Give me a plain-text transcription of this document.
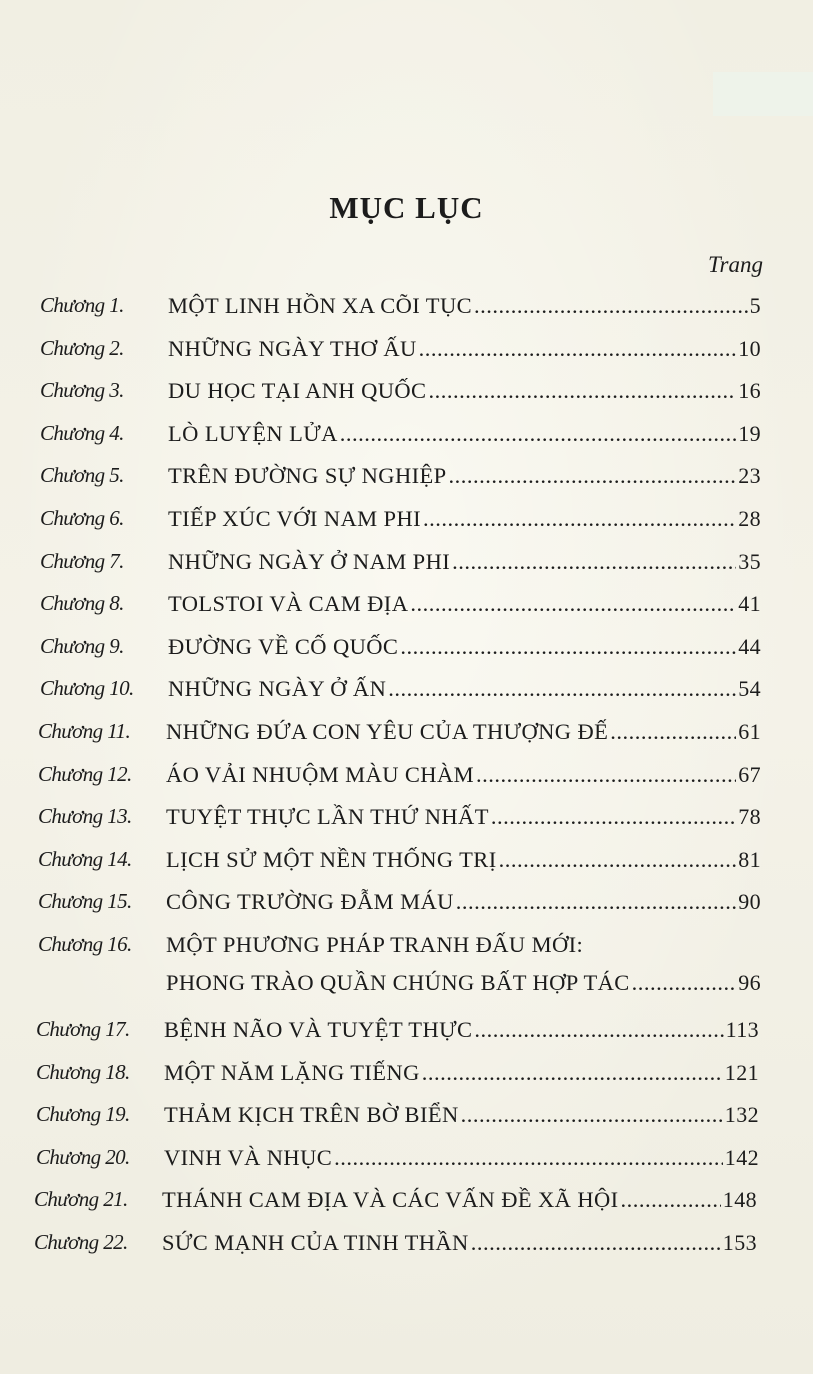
MỤC LỤC
Trang
Chương 1. MỘT LINH HỒN XA CÕI TỤC .....	5
Chương 2. NHỮNG NGÀY THƠ ẤU .....	10
Chương 3. DU HỌC TẠI ANH QUỐC .....	16
Chương 4. LÒ LUYỆN LỬA .....	19
Chương 5. TRÊN ĐƯỜNG SỰ NGHIỆP .....	23
Chương 6. TIẾP XÚC VỚI NAM PHI .....	28
Chương 7. NHỮNG NGÀY Ở NAM PHI .....	35
Chương 8. TOLSTOI VÀ CAM ĐỊA .....	41
Chương 9. ĐƯỜNG VỀ CỐ QUỐC .....	44
Chương 10. NHỮNG NGÀY Ở ẤN .....	54
Chương 11. NHỮNG ĐỨA CON YÊU CỦA THƯỢNG ĐẾ .....	61
Chương 12. ÁO VẢI NHUỘM MÀU CHÀM .....	67
Chương 13. TUYỆT THỰC LẦN THỨ NHẤT .....	78
Chương 14. LỊCH SỬ MỘT NỀN THỐNG TRỊ .....	81
Chương 15. CÔNG TRƯỜNG ĐẪM MÁU .....	90
Chương 16. MỘT PHƯƠNG PHÁP TRANH ĐẤU MỚI:
PHONG TRÀO QUẦN CHÚNG BẤT HỢP TÁC .....	96
Chương 17. BỆNH NÃO VÀ TUYỆT THỰC .....	113
Chương 18. MỘT NĂM LẶNG TIẾNG .....	121
Chương 19. THẢM KỊCH TRÊN BỜ BIỂN .....	132
Chương 20. VINH VÀ NHỤC .....	142
Chương 21. THÁNH CAM ĐỊA VÀ CÁC VẤN ĐỀ XÃ HỘI .....	148
Chương 22. SỨC MẠNH CỦA TINH THẦN .....	153
